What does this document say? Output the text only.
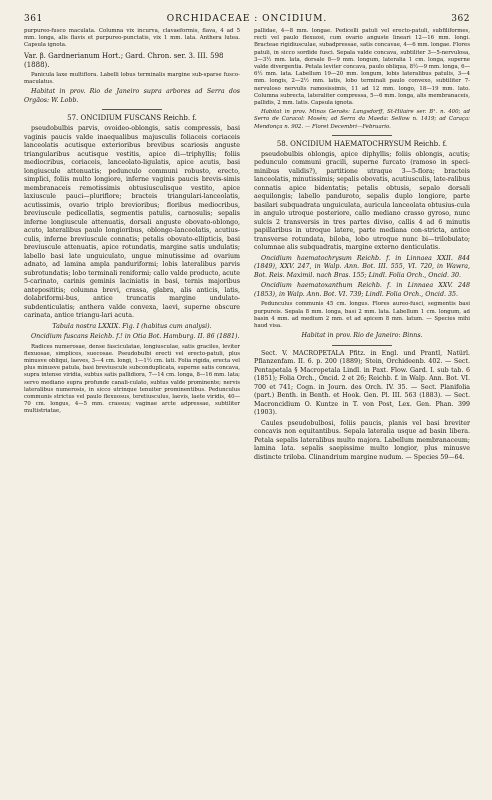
361	ORCHIDACEAE : ONCIDIUM.	362

purpureo-fusco maculata. Columna vix incurva, clavaeformis, flava, 4 ad 5 mm. longa, alis flavis et purpureo-punctatis, vix 1 mm. lata. Anthera lutea. Capsula ignota.

Var. β. Gardnerianum Hort.; Gard. Chron. ser. 3. III. 598 (1888).

Panicula laxe multiflora. Labelli lobus terminalis margine sub-sparse fusco-maculatus.

Habitat in prov. Rio de Janeiro supra arbores ad Serra dos Orgãos: W. Lobb.

57. ONCIDIUM FUSCANS Reichb. f.

pseudobulbis parvis, ovoideo-oblongis, satis compressis, basi vaginis paucis valde inaequalibus majusculis foliaceis coriaceis lanceolatis acutisque exterioribus brevibus scariosis anguste triangularibus acutisque vestitis, apice di—triphyllis; foliis mediocribus, coriaceis, lanceolato-ligulatis, apice acutis, basi longiuscule attenuatis; pedunculo communi robusto, erecto, simplici, foliis multo longiore, inferne vaginis paucis brevis-simis membranaceis remotissimis obtusiusculisque vestito, apice laxiuscule pauci—pluriflore; bracteis triangulari-lanceolatis, acutissimis, ovario triplo brevioribus; floribus mediocribus, breviuscule pedicellatis, segmentis patulis, carnosulis; sepalis inferne longiuscule attenuatis, dorsali anguste obovato-oblongo, acuto, lateralibus paulo longioribus, oblongo-lanceolatis, acutius-culis, inferne breviuscule connatis; petalis obovato-ellipticis, basi breviuscule attenuatis, apice rotundatis, margine satis undulatis; labello basi late unguiculato, ungue minutissime ad ovarium adnato, ad lamina ampla panduriformi; lobis lateralibus parvis subrotundatis; lobo terminali reniformi; callo valde producto, acute 5-carinato, carinis geminis laciniatis in basi, ternis majoribus anteposititis; columna brevi, crassa, glabra, alis anticis, latis, dolabriformi-bus, antice truncatis margine undulato-subdenticulatis; anthera valde convexa, laevi, superne obscure carinata, antice triangu-lari acuta.

Tabula nostra LXXIX. Fig. I (habitus cum analysi).

Oncidium fuscans Reichb. f.! in Otia Bot. Hamburg. II. 86 (1881).

Radices numerosae, dense fasciculatae, longiusculae, satis graciles, leviter flexuosae, simplices, suecosae. Pseudobulbi erecti vel erecto-patuli, plus minusve obliqui, laeves, 3—4 cm. longi, 1—1½ cm. lati. Folia rigida, erecta vel plus minusve patula, basi breviuscule subconduplicata, superne satis concava, supra intense viridia, subtus satis pallidiora, 7—14 cm. longa, 8—16 mm. lata; servo mediano supra profunde canali-culato, subtus valde prominente; nervis lateralibus numerosis, in sicco utrinque tenuiter prominentibus. Pedunculus communis strictus vel paulo flexuosus, teretiusculus, laevis, laete viridis, 40—70 cm. longus, 4—5 mm. crassus; vaginae arcte adpressae, subtiliter multistriatae,

pallidae, 4—8 mm. longae. Pedicelli patuli vel erecto-patuli, subfiliformes, recti vel paulo flexuosi, cum ovario anguste lineari 12—16 mm. longi. Bracteae rigidiusculae, subadpressae, satis concavae, 4—6 mm. longae. Flores patuli, in sicco sordide fusci. Sepala valde concava, subtiliter 3—5-nervulosa, 3—3½ mm. lata, dorsale 8—9 mm. longum, lateralia 1 cm. longa, superne valde divergentia. Petala leviter concava, paulo obliqua, 8½—9 mm. longa, 6—6½ mm. lata. Labellum 19—20 mm. longum, lobis lateralibus patulis, 3—4 mm. longis, 2—2½ mm. latis, lobo terminali paulo convexo, subtiliter 7-nervuloso nervulis ramosissimis, 11 ad 12 mm. longo, 18—19 mm. lato. Columna subrecta, lateraliter compressa, 5—6 mm. longa, alis membranaceis, pallidis, 2 mm. latis. Capsula ignota.

Habitat in prov. Minas Geraës: Langsdorff, St-Hilaire ser. B¹. n. 400; ad Serra de Caracol: Mosén; ad Serra da Maeda: Sellow n. 1419; ad Caraça: Mendonça n. 902. — Floret Decembri—Februario.

58. ONCIDIUM HAEMATOCHRYSUM Reichb. f.

pseudobulbis oblongis, apice diphyllis; foliis oblongis, acutis; pedunculo communi gracili, superne furcato (ramoso in speci-minibus validis?), partitione utraque 3—5-flora; bracteis lanceolatis, minutissimis; sepalis obovatis, acutiusculis, late-ralibus connatis apice bidentatis; petalis obtusis, sepalo dorsali aequilongis; labello panduroto, sepalis duplo longiore, parte basilari subquadrata unguiculata, auricula lanceolata obtusius-cula in angulo utroque posteriore, callo mediano crasso gyroso, nunc sulcis 2 transversis in tres partes diviso, callis 4 ad 6 minutis papillaribus in utroque latere, parte mediana con-stricta, antice transverse rotundata, biloba, lobo utroque nunc bi—trilobulato; columnae alis subquadratis, margine externo denticulatis.

Oncidium haematochrysum Reichb. f. in Linnaea XXII. 844 (1849), XXV. 247, in Walp. Ann. Bot. III. 555, VI. 720, in Wawra, Bot. Reis. Maximil. nach Bras. 155; Lindl. Folia Orch., Oncid. 30.

Oncidium haematoxanthum Reichb. f. in Linnaea XXV. 248 (1853), in Walp. Ann. Bot. VI. 739; Lindl. Folia Orch., Oncid. 35.

Pedunculus communis 45 cm. longus. Flores aureo-fusci, segmentis basi purpureis. Sepala 8 mm. longa, basi 2 mm. lata. Labellum 1 cm. longum, ad basin 4 mm. ad medium 2 mm. et ad apicem 8 mm. latum. — Species mihi haud visa.

Habitat in prov. Rio de Janeiro: Binns.

Sect. V. MACROPETALA Pfitz. in Engl. und Prantl, Natürl. Pflanzenfam. II. 6. p. 200 (1889); Stein, Orchideenb. 402. — Sect. Pentapetala § Macropetala Lindl. in Paxt. Flow. Gard. I. sub tab. 6 (1851); Folia Orch., Oncid. 2 et 26; Reichb. f. in Walp. Ann. Bot. VI. 700 et 741; Cogn. in Journ. des Orch. IV. 35. — Sect. Planifolia (part.) Benth. in Benth. et Hook. Gen. Pl. III. 563 (1883). — Sect. Macroncidium O. Kuntze in T. von Post, Lex. Gen. Phan. 399 (1903).

Caules pseudobulbosi, foliis paucis, planis vel basi breviter concavis non equitantibus. Sepala lateralia usque ad basin libera. Petala sepalis lateralibus multo majora. Labellum membranaceum; lamina lata. sepalis saepissime multo longior, plus minusve distincte triloba. Clinandrium margine nudum. — Species 59—64.
